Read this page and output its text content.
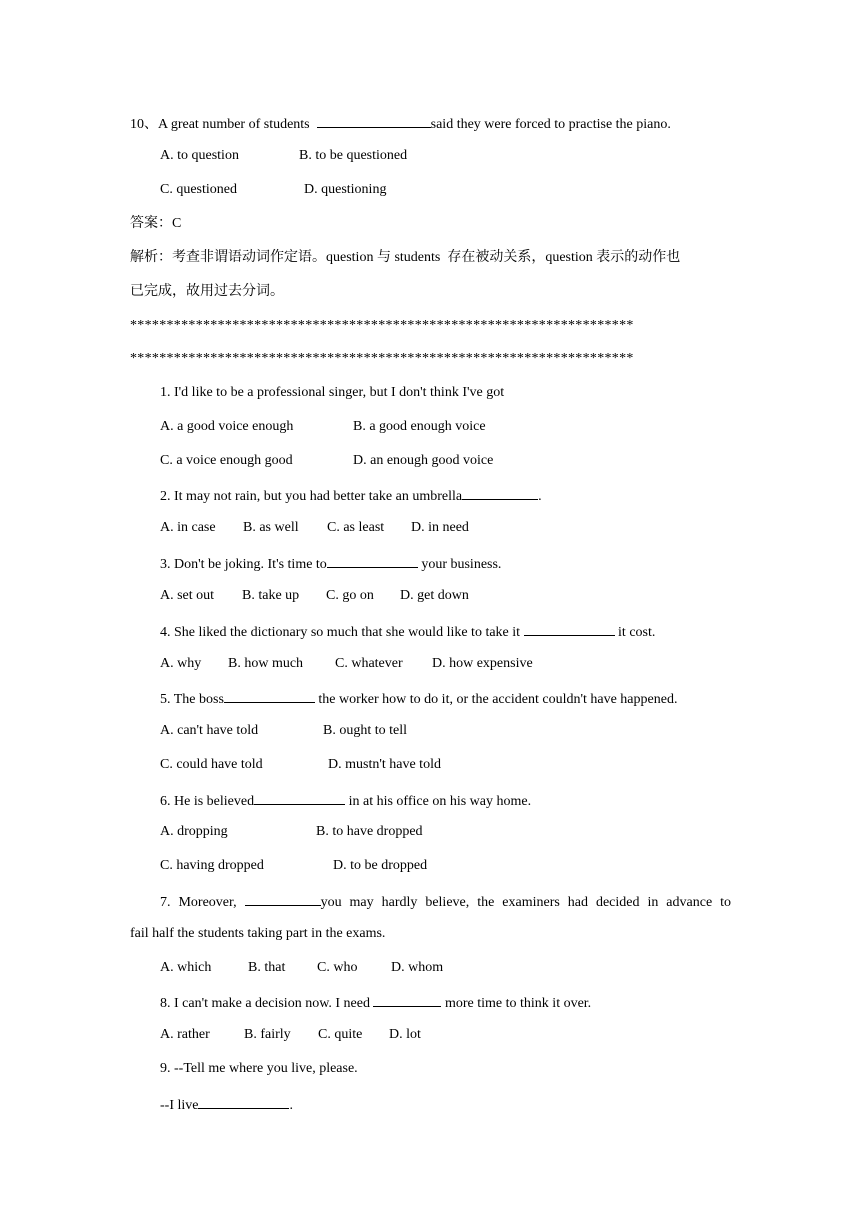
10、A great number of students	said they were forced to practise the piano.
A. to question	B. to be questioned
C. questioned	D. questioning
答案：C
解析：考查非谓语动词作定语。question 与 students  存在被动关系，question 表示的动作也
已完成，故用过去分词。
*********************************************************************
*********************************************************************
1. I'd like to be a professional singer, but I don't think I've got
A. a good voice enough	B. a good enough voice
C. a voice enough good	D. an enough good voice
2. It may not rain, but you had better take an umbrella	.
A. in case B. as well C. as least D. in need
3. Don't be joking. It's time to	your business.
A. set out B. take up C. go on D. get down
4. She liked the dictionary so much that she would like to take it	it cost.
A. why B. how much C. whatever D. how expensive
5. The boss	the worker how to do it, or the accident couldn't have happened.
A. can't have told	B. ought to tell
C. could have told	D. mustn't have told
6. He is believed	in at his office on his way home.
A. dropping	B. to have dropped
C. having dropped	D. to be dropped
7. Moreover,	you may hardly believe, the examiners had decided in advance to
fail half the students taking part in the exams.
A. which	B. that C. who D. whom
8. I can't make a decision now. I need	more time to think it over.
A. rather B. fairly C. quite D. lot
9. --Tell me where you live, please.
--I live	.
